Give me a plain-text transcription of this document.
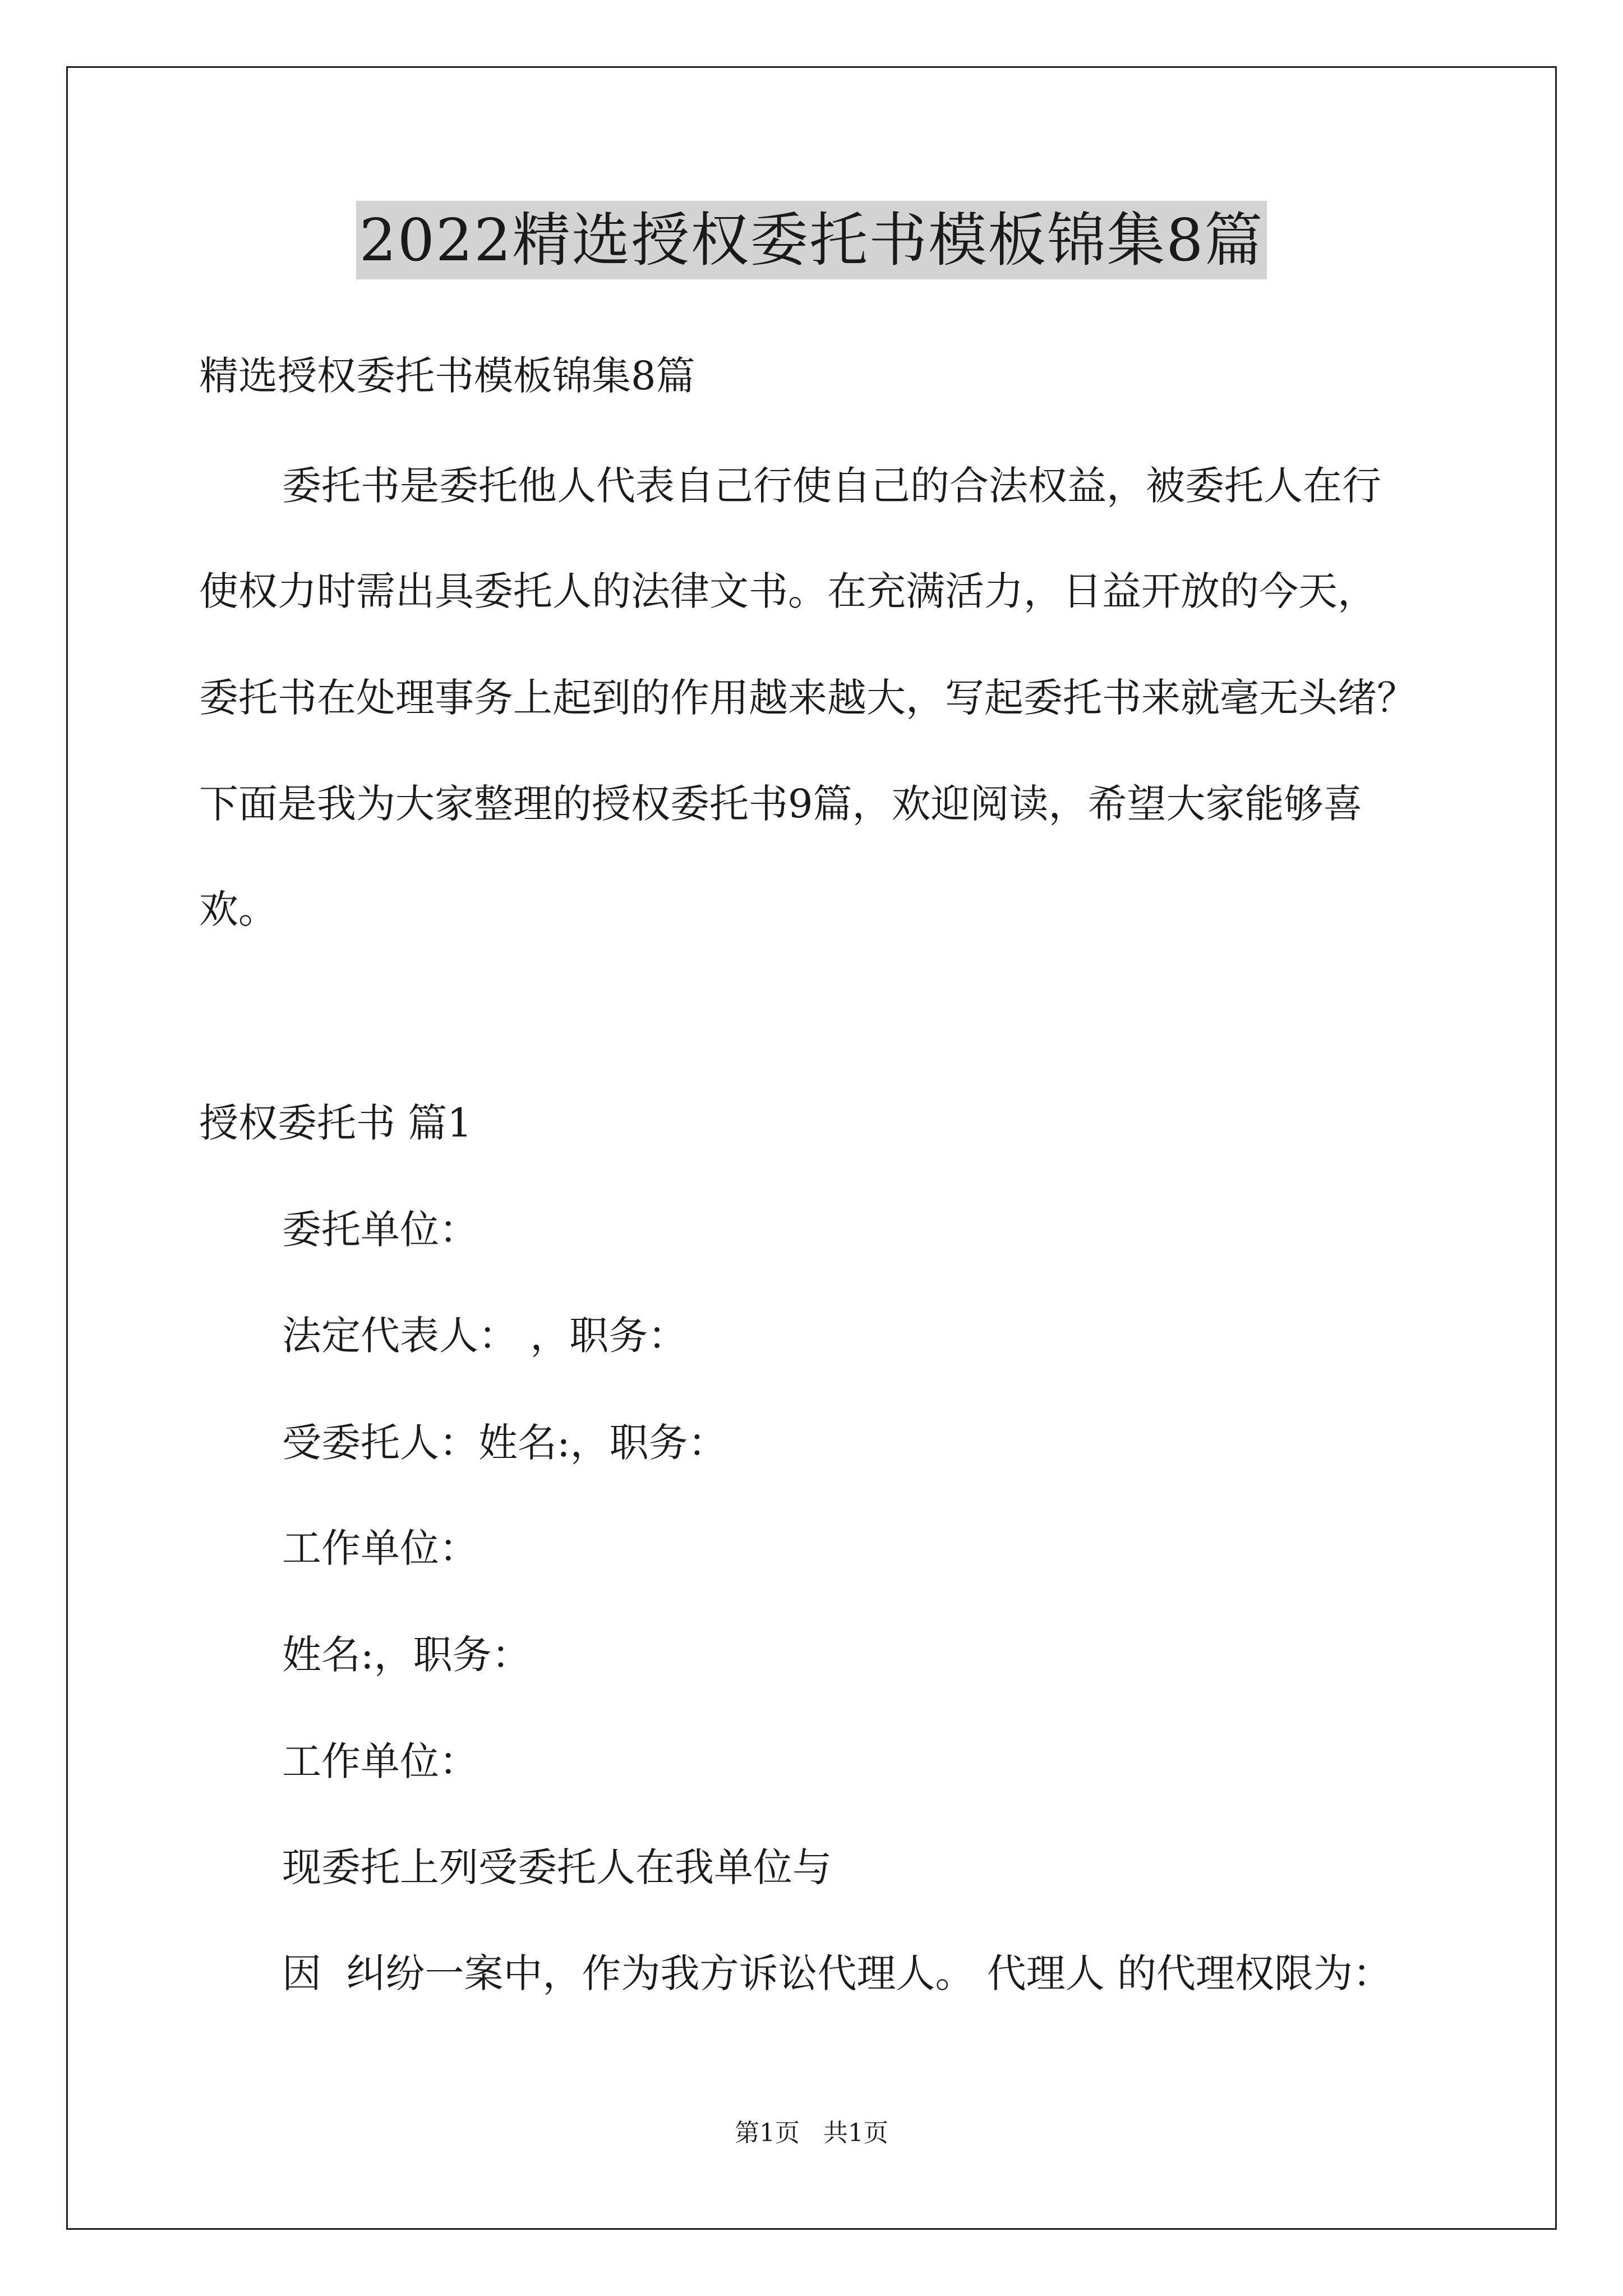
2022精选授权委托书模板锦集8篇
精选授权委托书模板锦集8篇
委托书是委托他人代表自己行使自己的合法权益，被委托人在行
使权力时需出具委托人的法律文书。在充满活力，日益开放的今天，
委托书在处理事务上起到的作用越来越大，写起委托书来就毫无头绪？
下面是我为大家整理的授权委托书9篇，欢迎阅读，希望大家能够喜
欢。
授权委托书 篇1
委托单位：
法定代表人： ，职务：
受委托人：姓名:，职务：
工作单位：
姓名:，职务：
工作单位：
现委托上列受委托人在我单位与
因  纠纷一案中，作为我方诉讼代理人。 代理人 的代理权限为：
第1页   共1页
